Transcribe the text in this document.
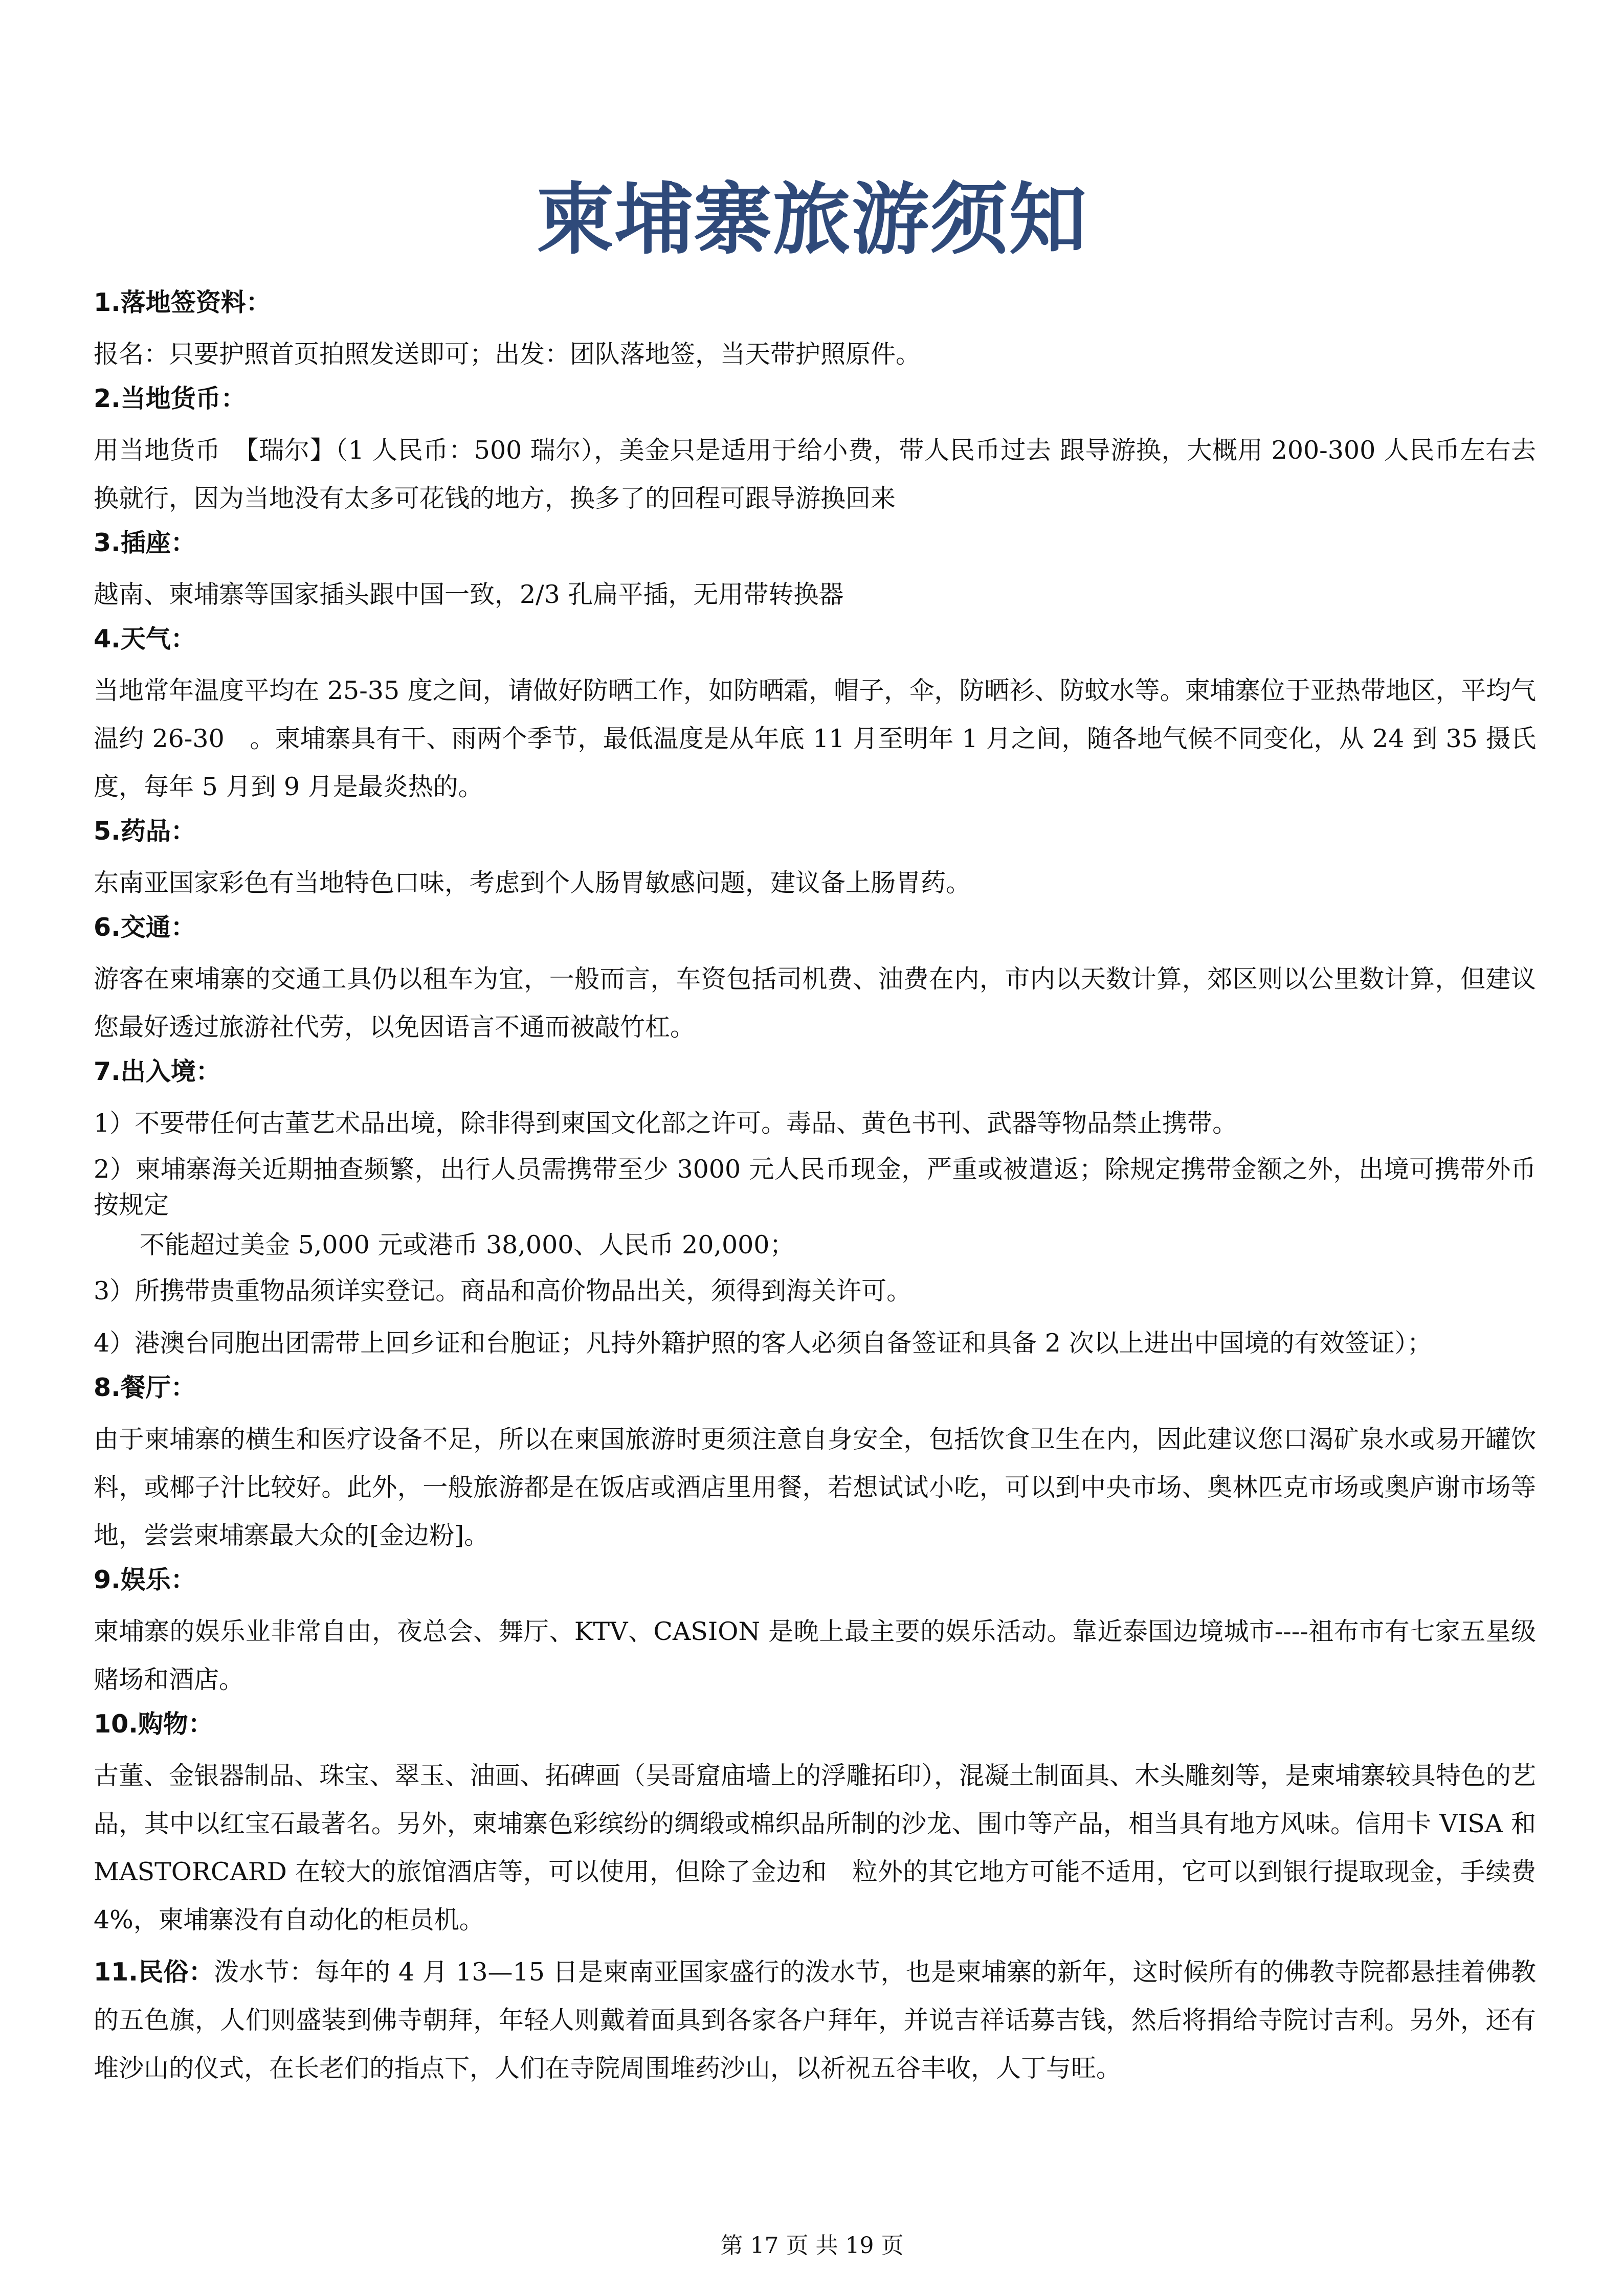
柬埔寨旅游须知
1.落地签资料：
报名：只要护照首页拍照发送即可；出发：团队落地签，当天带护照原件。
2.当地货币：
用当地货币　【瑞尔】（1 人民币：500 瑞尔），美金只是适用于给小费，带人民币过去 跟导游换，大概用 200-300 人民币左右去换就行，因为当地没有太多可花钱的地方，换多了的回程可跟导游换回来
3.插座：
越南、柬埔寨等国家插头跟中国一致，2/3 孔扁平插，无用带转换器
4.天气：
当地常年温度平均在 25-35 度之间，请做好防晒工作，如防晒霜，帽子，伞，防晒衫、防蚊水等。柬埔寨位于亚热带地区，平均气温约 26-30　。柬埔寨具有干、雨两个季节，最低温度是从年底 11 月至明年 1 月之间，随各地气候不同变化，从 24 到 35 摄氏度，每年 5 月到 9 月是最炎热的。
5.药品：
东南亚国家彩色有当地特色口味，考虑到个人肠胃敏感问题，建议备上肠胃药。
6.交通：
游客在柬埔寨的交通工具仍以租车为宜，一般而言，车资包括司机费、油费在内，市内以天数计算，郊区则以公里数计算，但建议您最好透过旅游社代劳，以免因语言不通而被敲竹杠。
7.出入境：
1）不要带任何古董艺术品出境，除非得到柬国文化部之许可。毒品、黄色书刊、武器等物品禁止携带。
2）柬埔寨海关近期抽查频繁，出行人员需携带至少 3000 元人民币现金，严重或被遣返；除规定携带金额之外，出境可携带外币按规定
不能超过美金 5,000 元或港币 38,000、人民币 20,000；
3）所携带贵重物品须详实登记。商品和高价物品出关，须得到海关许可。
4）港澳台同胞出团需带上回乡证和台胞证；凡持外籍护照的客人必须自备签证和具备 2 次以上进出中国境的有效签证）；
8.餐厅：
由于柬埔寨的横生和医疗设备不足，所以在柬国旅游时更须注意自身安全，包括饮食卫生在内，因此建议您口渴矿泉水或易开罐饮料，或椰子汁比较好。此外，一般旅游都是在饭店或酒店里用餐，若想试试小吃，可以到中央市场、奥林匹克市场或奥庐谢市场等地，尝尝柬埔寨最大众的[金边粉]。
9.娱乐：
柬埔寨的娱乐业非常自由，夜总会、舞厅、KTV、CASION 是晚上最主要的娱乐活动。靠近泰国边境城市----祖布市有七家五星级赌场和酒店。
10.购物：
古董、金银器制品、珠宝、翠玉、油画、拓碑画（吴哥窟庙墙上的浮雕拓印），混凝土制面具、木头雕刻等，是柬埔寨较具特色的艺品，其中以红宝石最著名。另外，柬埔寨色彩缤纷的绸缎或棉织品所制的沙龙、围巾等产品，相当具有地方风味。信用卡 VISA 和 MASTORCARD 在较大的旅馆酒店等，可以使用，但除了金边和　粒外的其它地方可能不适用，它可以到银行提取现金，手续费 4%，柬埔寨没有自动化的柜员机。
11.民俗：泼水节：每年的 4 月 13—15 日是柬南亚国家盛行的泼水节，也是柬埔寨的新年，这时候所有的佛教寺院都悬挂着佛教的五色旗，人们则盛装到佛寺朝拜，年轻人则戴着面具到各家各户拜年，并说吉祥话募吉钱，然后将捐给寺院讨吉利。另外，还有堆沙山的仪式，在长老们的指点下，人们在寺院周围堆药沙山，以祈祝五谷丰收，人丁与旺。
第 17 页 共 19 页
